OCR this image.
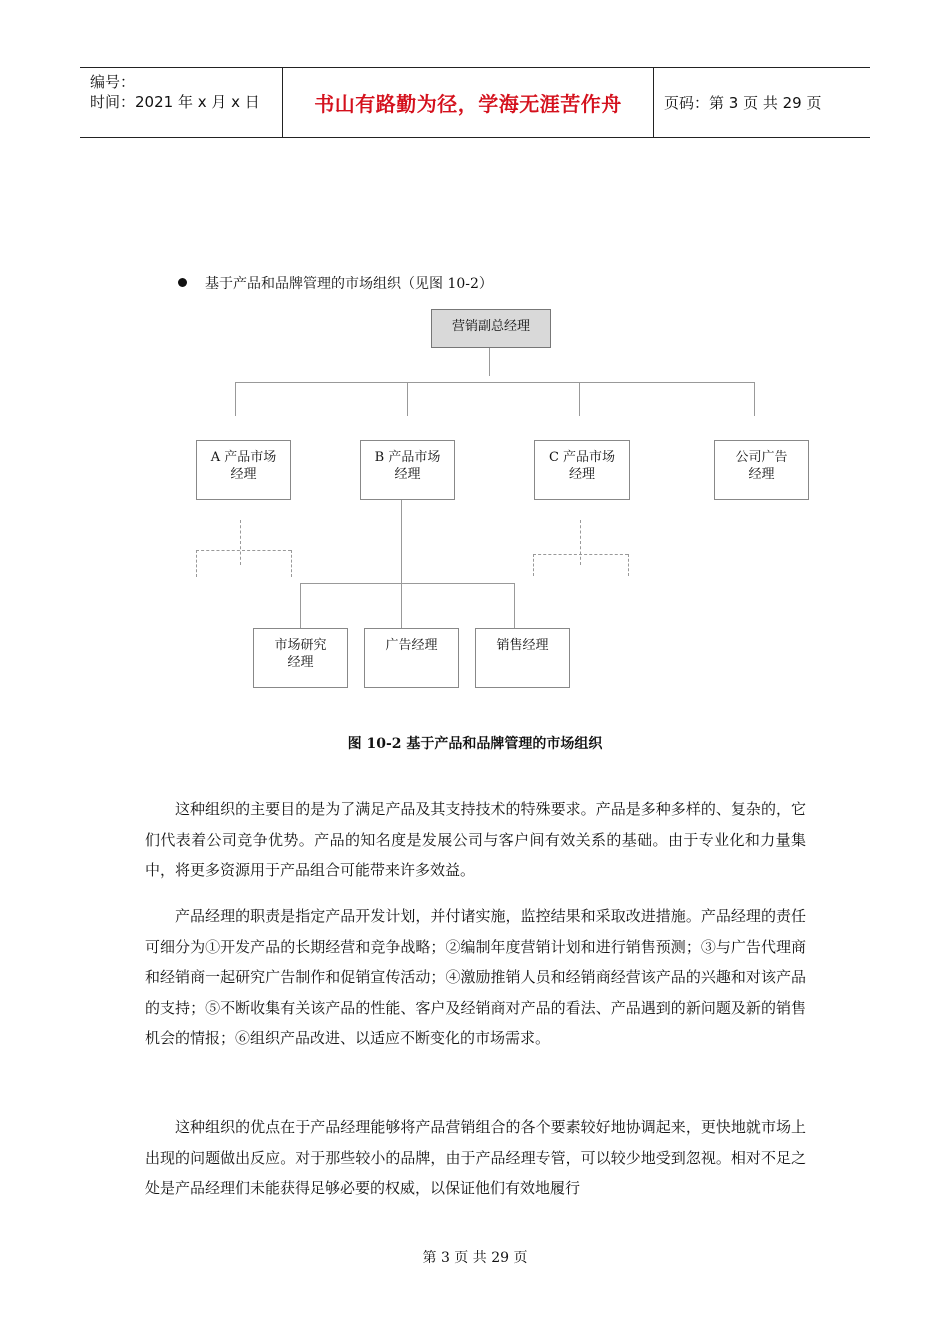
编号：
时间：2021 年 x 月 x 日	书山有路勤为径，学海无涯苦作舟	页码：第 3 页 共 29 页
基于产品和品牌管理的市场组织（见图 10-2）
营销副总经理
A 产品市场
经理
B 产品市场
经理
C 产品市场
经理
公司广告
经理
市场研究
经理
广告经理	销售经理
图 10-2 基于产品和品牌管理的市场组织

这种组织的主要目的是为了满足产品及其支持技术的特殊要求。产品是多种多样的、复杂的，它们代表着公司竞争优势。产品的知名度是发展公司与客户间有效关系的基础。由于专业化和力量集中，将更多资源用于产品组合可能带来许多效益。

产品经理的职责是指定产品开发计划，并付诸实施，监控结果和采取改进措施。产品经理的责任可细分为①开发产品的长期经营和竞争战略；②编制年度营销计划和进行销售预测；③与广告代理商和经销商一起研究广告制作和促销宣传活动；④激励推销人员和经销商经营该产品的兴趣和对该产品的支持；⑤不断收集有关该产品的性能、客户及经销商对产品的看法、产品遇到的新问题及新的销售机会的情报；⑥组织产品改进、以适应不断变化的市场需求。

这种组织的优点在于产品经理能够将产品营销组合的各个要素较好地协调起来，更快地就市场上出现的问题做出反应。对于那些较小的品牌，由于产品经理专管，可以较少地受到忽视。相对不足之处是产品经理们未能获得足够必要的权威，以保证他们有效地履行

第 3 页 共 29 页
